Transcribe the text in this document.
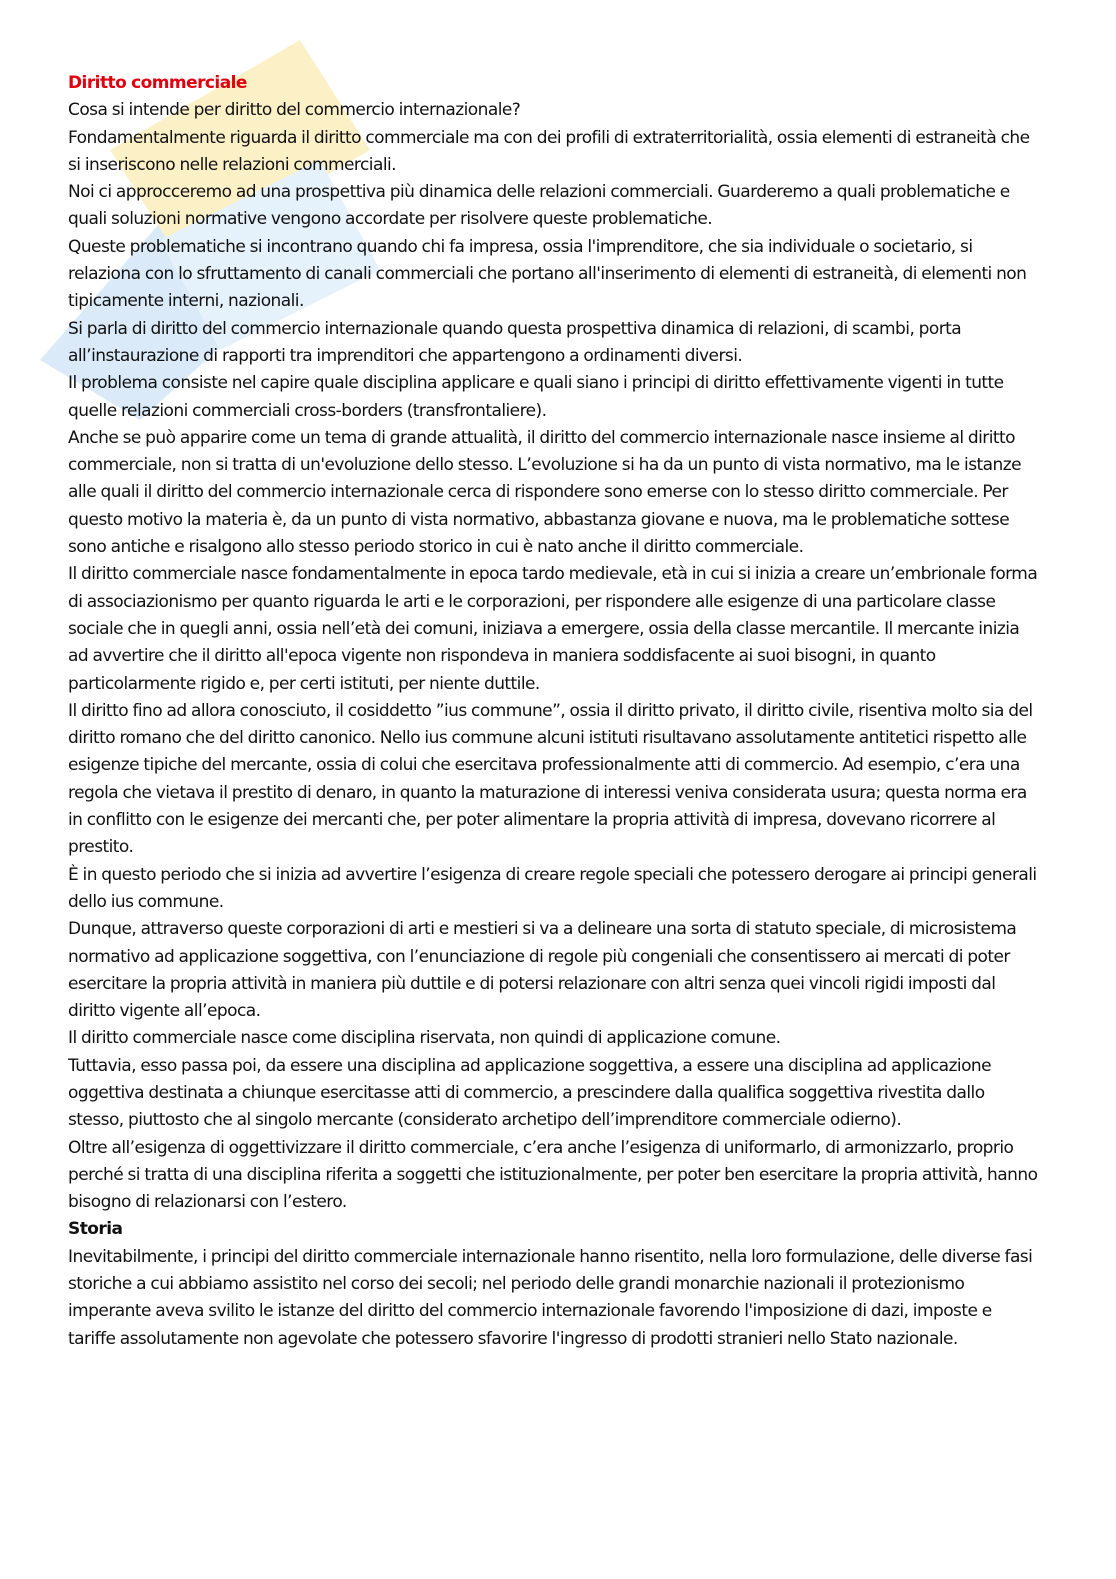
Diritto commerciale

Cosa si intende per diritto del commercio internazionale?

Fondamentalmente riguarda il diritto commerciale ma con dei profili di extraterritorialità, ossia elementi di estraneità che si inseriscono nelle relazioni commerciali.

Noi ci approcceremo ad una prospettiva più dinamica delle relazioni commerciali. Guarderemo a quali problematiche e quali soluzioni normative vengono accordate per risolvere queste problematiche.

Queste problematiche si incontrano quando chi fa impresa, ossia l'imprenditore, che sia individuale o societario, si relaziona con lo sfruttamento di canali commerciali che portano all'inserimento di elementi di estraneità, di elementi non tipicamente interni, nazionali.

Si parla di diritto del commercio internazionale quando questa prospettiva dinamica di relazioni, di scambi, porta all’instaurazione di rapporti tra imprenditori che appartengono a ordinamenti diversi.

Il problema consiste nel capire quale disciplina applicare e quali siano i principi di diritto effettivamente vigenti in tutte quelle relazioni commerciali cross-borders (transfrontaliere).

Anche se può apparire come un tema di grande attualità, il diritto del commercio internazionale nasce insieme al diritto commerciale, non si tratta di un'evoluzione dello stesso. L’evoluzione si ha da un punto di vista normativo, ma le istanze alle quali il diritto del commercio internazionale cerca di rispondere sono emerse con lo stesso diritto commerciale. Per questo motivo la materia è, da un punto di vista normativo, abbastanza giovane e nuova, ma le problematiche sottese sono antiche e risalgono allo stesso periodo storico in cui è nato anche il diritto commerciale.

Il diritto commerciale nasce fondamentalmente in epoca tardo medievale, età in cui si inizia a creare un’embrionale forma di associazionismo per quanto riguarda le arti e le corporazioni, per rispondere alle esigenze di una particolare classe sociale che in quegli anni, ossia nell’età dei comuni, iniziava a emergere, ossia della classe mercantile. Il mercante inizia ad avvertire che il diritto all'epoca vigente non rispondeva in maniera soddisfacente ai suoi bisogni, in quanto particolarmente rigido e, per certi istituti, per niente duttile.

Il diritto fino ad allora conosciuto, il cosiddetto ”ius commune”, ossia il diritto privato, il diritto civile, risentiva molto sia del diritto romano che del diritto canonico. Nello ius commune alcuni istituti risultavano assolutamente antitetici rispetto alle esigenze tipiche del mercante, ossia di colui che esercitava professionalmente atti di commercio. Ad esempio, c’era una regola che vietava il prestito di denaro, in quanto la maturazione di interessi veniva considerata usura; questa norma era in conflitto con le esigenze dei mercanti che, per poter alimentare la propria attività di impresa, dovevano ricorrere al prestito.

È in questo periodo che si inizia ad avvertire l’esigenza di creare regole speciali che potessero derogare ai principi generali dello ius commune.

Dunque, attraverso queste corporazioni di arti e mestieri si va a delineare una sorta di statuto speciale, di microsistema normativo ad applicazione soggettiva, con l’enunciazione di regole più congeniali che consentissero ai mercati di poter esercitare la propria attività in maniera più duttile e di potersi relazionare con altri senza quei vincoli rigidi imposti dal diritto vigente all’epoca.

Il diritto commerciale nasce come disciplina riservata, non quindi di applicazione comune.

Tuttavia, esso passa poi, da essere una disciplina ad applicazione soggettiva, a essere una disciplina ad applicazione oggettiva destinata a chiunque esercitasse atti di commercio, a prescindere dalla qualifica soggettiva rivestita dallo stesso, piuttosto che al singolo mercante (considerato archetipo dell’imprenditore commerciale odierno).

Oltre all’esigenza di oggettivizzare il diritto commerciale, c’era anche l’esigenza di uniformarlo, di armonizzarlo, proprio perché si tratta di una disciplina riferita a soggetti che istituzionalmente, per poter ben esercitare la propria attività, hanno bisogno di relazionarsi con l’estero.

Storia

Inevitabilmente, i principi del diritto commerciale internazionale hanno risentito, nella loro formulazione, delle diverse fasi storiche a cui abbiamo assistito nel corso dei secoli; nel periodo delle grandi monarchie nazionali il protezionismo imperante aveva svilito le istanze del diritto del commercio internazionale favorendo l'imposizione di dazi, imposte e tariffe assolutamente non agevolate che potessero sfavorire l'ingresso di prodotti stranieri nello Stato nazionale.
